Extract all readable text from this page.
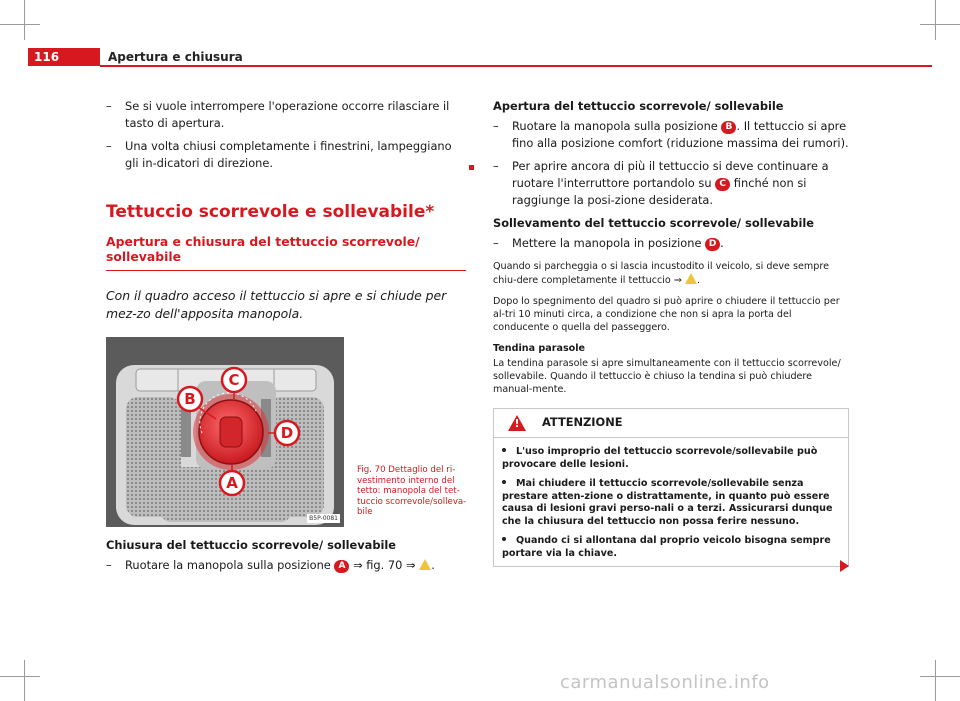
116	Apertura e chiusura

– Se si vuole interrompere l'operazione occorre rilasciare il tasto di apertura.

– Una volta chiusi completamente i finestrini, lampeggiano gli in-dicatori di direzione.

Tettuccio scorrevole e sollevabile*
Apertura e chiusura del tettuccio scorrevole/ sollevabile

Con il quadro acceso il tettuccio si apre e si chiude per mez-zo dell'apposita manopola.

B
C
D
A
B5P-0081
Fig. 70 Dettaglio del ri-vestimento interno del tetto: manopola del tet-tuccio scorrevole/solleva-bile

Chiusura del tettuccio scorrevole/ sollevabile

– Ruotare la manopola sulla posizione A ⇒ fig. 70 ⇒ .

Apertura del tettuccio scorrevole/ sollevabile

– Ruotare la manopola sulla posizione B . Il tettuccio si apre fino alla posizione comfort (riduzione massima dei rumori).

– Per aprire ancora di più il tettuccio si deve continuare a ruotare l'interruttore portandolo su C finché non si raggiunge la posi-zione desiderata.

Sollevamento del tettuccio scorrevole/ sollevabile

– Mettere la manopola in posizione D .

Quando si parcheggia o si lascia incustodito il veicolo, si deve sempre chiu-dere completamente il tettuccio ⇒ .

Dopo lo spegnimento del quadro si può aprire o chiudere il tettuccio per al-tri 10 minuti circa, a condizione che non si apra la porta del conducente o quella del passeggero.

Tendina parasole

La tendina parasole si apre simultaneamente con il tettuccio scorrevole/ sollevabile. Quando il tettuccio è chiuso la tendina si può chiudere manual-mente.

! ATTENZIONE

L'uso improprio del tettuccio scorrevole/sollevabile può provocare delle lesioni.

Mai chiudere il tettuccio scorrevole/sollevabile senza prestare atten-zione o distrattamente, in quanto può essere causa di lesioni gravi perso-nali o a terzi. Assicurarsi dunque che la chiusura del tettuccio non possa ferire nessuno.

Quando ci si allontana dal proprio veicolo bisogna sempre portare via la chiave.

carmanualsonline.info
